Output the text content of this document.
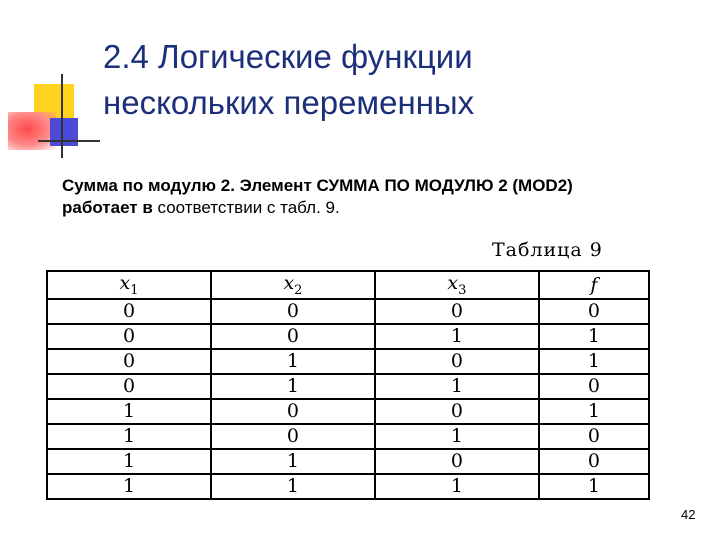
2.4 Логические функции
нескольких переменных

Сумма по модулю 2. Элемент СУММА ПО МОДУЛЮ 2 (MOD2) работает в соответствии с табл. 9.

Таблица 9
$x_1$	$x_2$	$x_3$	f
0	0	0	0
0	0	1	1
0	1	0	1
0	1	1	0
1	0	0	1
1	0	1	0
1	1	0	0
1	1	1	1
42
